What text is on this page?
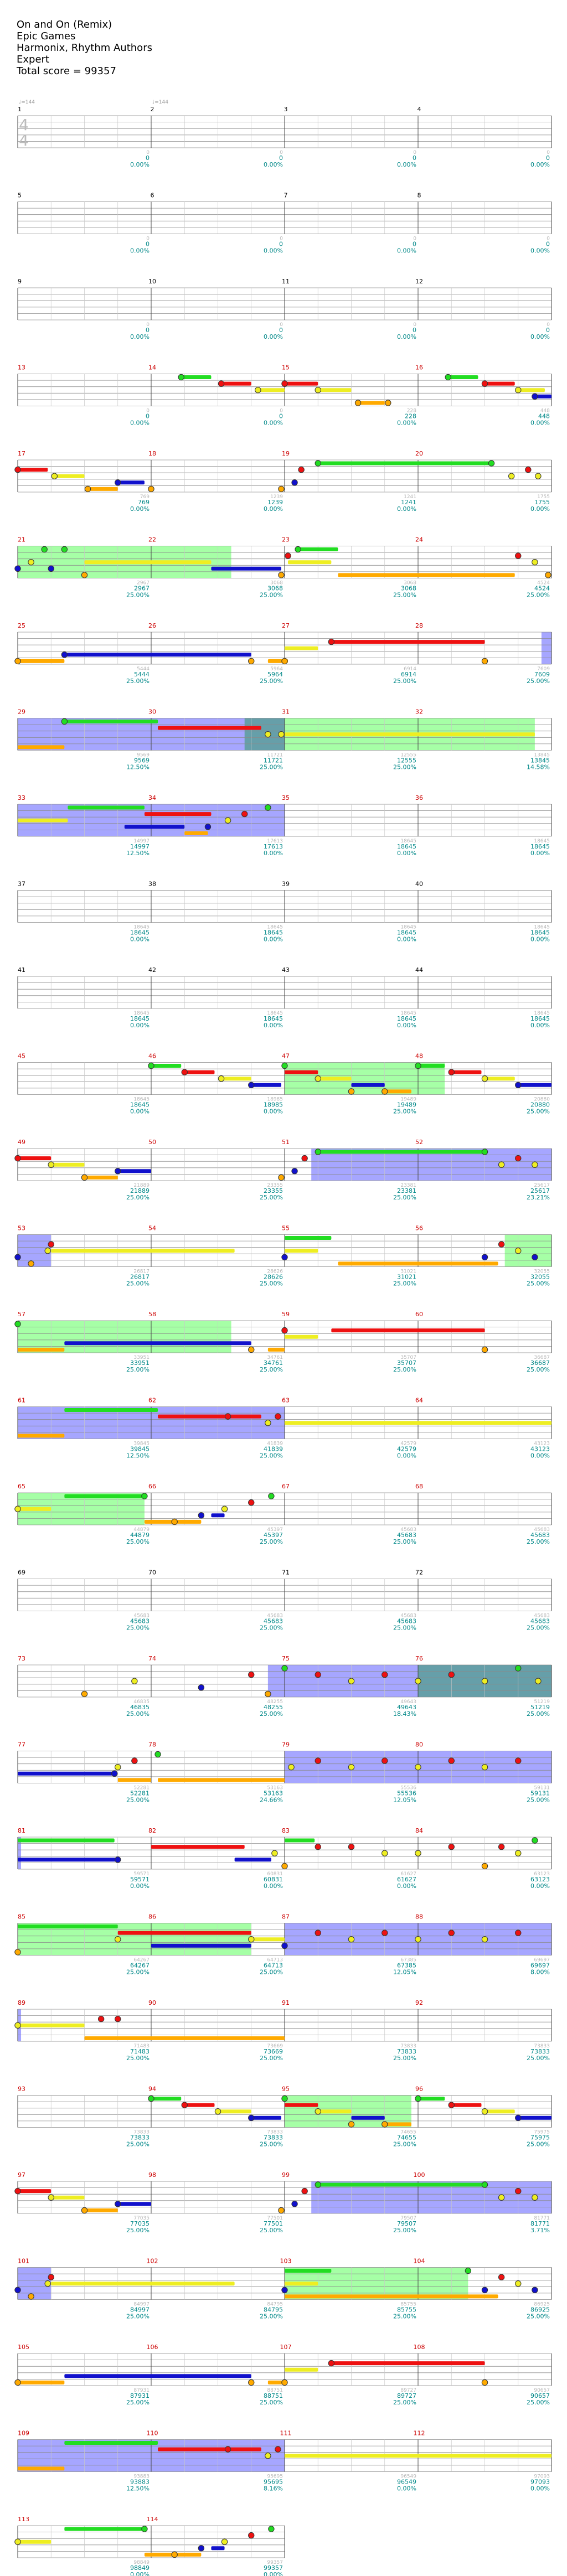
On and On (Remix)
Epic Games
Harmonix, Rhythm Authors
Expert
Total score = 99357
1
0
0
0.00%
2
0
0
0.00%
3
0
0
0.00%
4
0
0
0.00%
♩=144	♩=144
4
4
5
0
0
0.00%
6
0
0
0.00%
7
0
0
0.00%
8
0
0
0.00%
9
0
0
0.00%
10
0
0
0.00%
11
0
0
0.00%
12
0
0
0.00%
13
0
0
0.00%
14
0
0
0.00%
15
228
228
0.00%
16
448
448
0.00%
17
769
769
0.00%
18
1239
1239
0.00%
19
1241
1241
0.00%
20
1755
1755
0.00%
21
2967
2967
25.00%
22
3068
3068
25.00%
23
3068
3068
25.00%
24
4524
4524
25.00%
25
5444
5444
25.00%
26
5964
5964
25.00%
27
6914
6914
25.00%
28
7609
7609
25.00%
29
9569
9569
12.50%
30
11721
11721
25.00%
31
12555
12555
25.00%
32
13845
13845
14.58%
33
14997
14997
12.50%
34
17613
17613
0.00%
35
18645
18645
0.00%
36
18645
18645
0.00%
37
18645
18645
0.00%
38
18645
18645
0.00%
39
18645
18645
0.00%
40
18645
18645
0.00%
41
18645
18645
0.00%
42
18645
18645
0.00%
43
18645
18645
0.00%
44
18645
18645
0.00%
45
18645
18645
0.00%
46
18985
18985
0.00%
47
19489
19489
25.00%
48
20880
20880
25.00%
49
21889
21889
25.00%
50
23355
23355
25.00%
51
23381
23381
25.00%
52
25617
25617
23.21%
53
26817
26817
25.00%
54
28626
28626
25.00%
55
31021
31021
25.00%
56
32055
32055
25.00%
57
33951
33951
25.00%
58
34761
34761
25.00%
59
35707
35707
25.00%
60
36687
36687
25.00%
61
39845
39845
12.50%
62
41839
41839
25.00%
63
42579
42579
0.00%
64
43123
43123
0.00%
65
44879
44879
25.00%
66
45397
45397
25.00%
67
45683
45683
25.00%
68
45683
45683
25.00%
69
45683
45683
25.00%
70
45683
45683
25.00%
71
45683
45683
25.00%
72
45683
45683
25.00%
73
46835
46835
25.00%
74
48255
48255
25.00%
75
49643
49643
18.43%
76
51219
51219
25.00%
77
52281
52281
25.00%
78
53163
53163
24.66%
79
55536
55536
12.05%
80
59131
59131
25.00%
81
59571
59571
0.00%
82
60831
60831
0.00%
83
61627
61627
0.00%
84
63123
63123
0.00%
85
64267
64267
25.00%
86
64713
64713
25.00%
87
67385
67385
12.05%
88
69697
69697
8.00%
89
71483
71483
25.00%
90
73669
73669
25.00%
91
73833
73833
25.00%
92
73833
73833
25.00%
93
73833
73833
25.00%
94
73833
73833
25.00%
95
74655
74655
25.00%
96
75975
75975
25.00%
97
77035
77035
25.00%
98
77501
77501
25.00%
99
79507
79507
25.00%
100
81771
81771
3.71%
101
84997
84997
25.00%
102
84795
84795
25.00%
103
85755
85755
25.00%
104
86925
86925
25.00%
105
87931
87931
25.00%
106
88751
88751
25.00%
107
89727
89727
25.00%
108
90657
90657
25.00%
109
93883
93883
12.50%
110
95695
95695
8.16%
111
96549
96549
0.00%
112
97093
97093
0.00%
113
98849
98849
0.00%
114
99357
99357
0.00%
